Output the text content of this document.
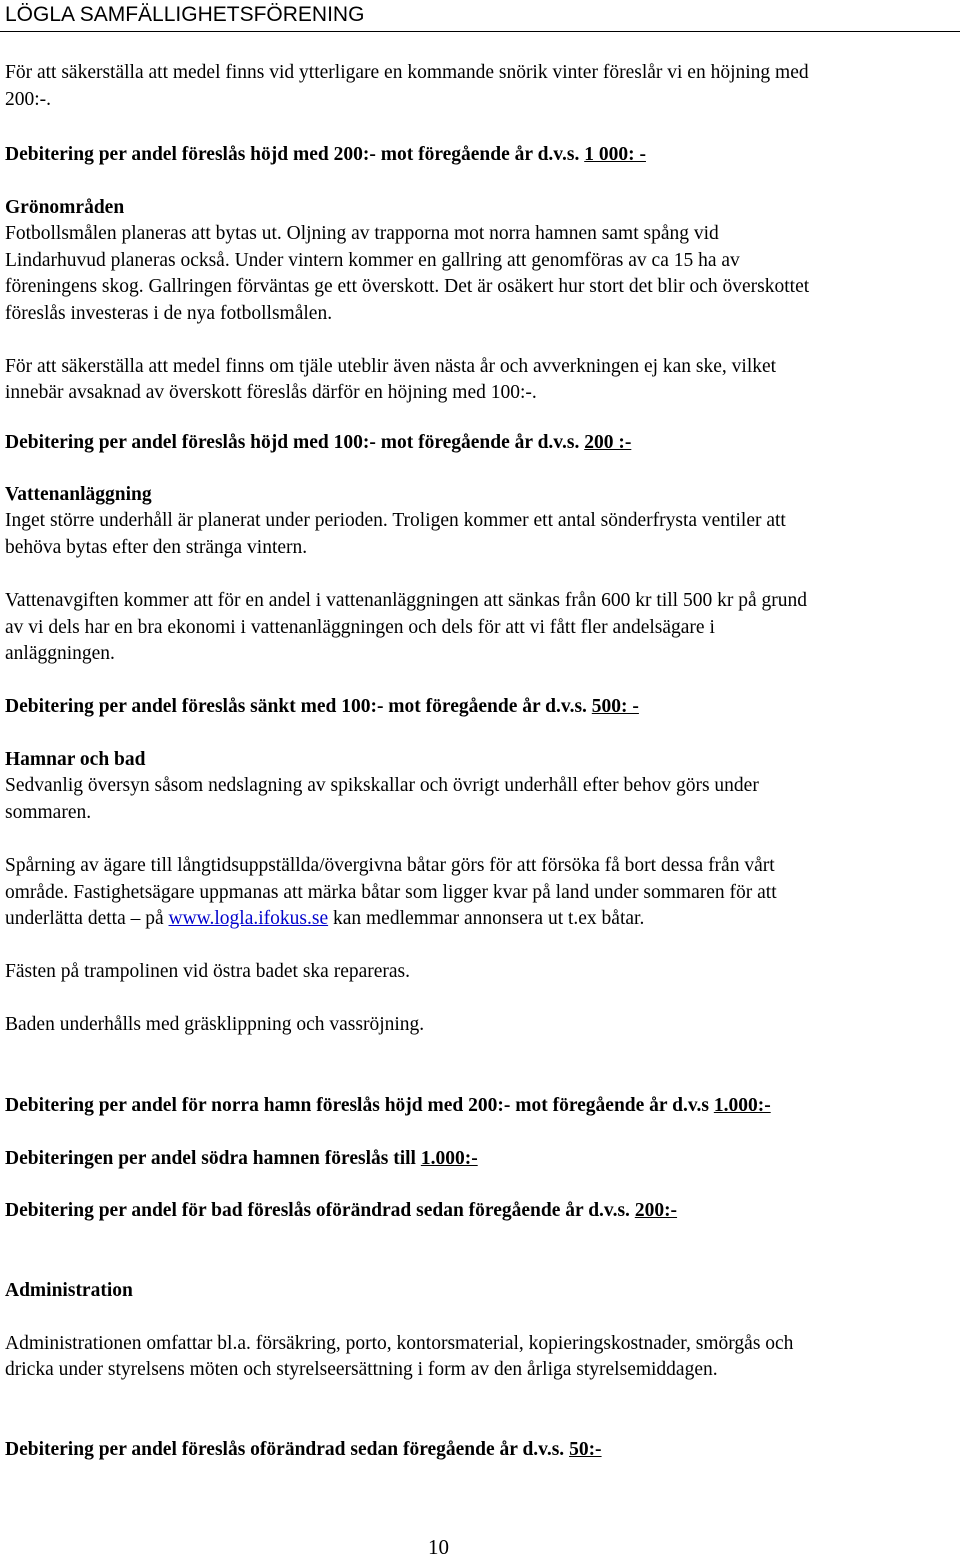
LÖGLA SAMFÄLLIGHETSFÖRENING
För att säkerställa att medel finns vid ytterligare en kommande snörik vinter föreslår vi en höjning med
200:-.
Debitering per andel föreslås höjd med 200:- mot föregående år d.v.s. 1 000: -
Grönområden
Fotbollsmålen planeras att bytas ut. Oljning av trapporna mot norra hamnen samt spång vid
Lindarhuvud planeras också. Under vintern kommer en gallring att genomföras av ca 15 ha av
föreningens skog. Gallringen förväntas ge ett överskott. Det är osäkert hur stort det blir och överskottet
föreslås investeras i de nya fotbollsmålen.
För att säkerställa att medel finns om tjäle uteblir även nästa år och avverkningen ej kan ske, vilket
innebär avsaknad av överskott föreslås därför en höjning med 100:-.
Debitering per andel föreslås höjd med 100:- mot föregående år d.v.s. 200 :-
Vattenanläggning
Inget större underhåll är planerat under perioden. Troligen kommer ett antal sönderfrysta ventiler att
behöva bytas efter den stränga vintern.
Vattenavgiften kommer att för en andel i vattenanläggningen att sänkas från 600 kr till 500 kr på grund
av vi dels har en bra ekonomi i vattenanläggningen och dels för att vi fått fler andelsägare i
anläggningen.
Debitering per andel föreslås sänkt med 100:- mot föregående år d.v.s. 500: -
Hamnar och bad
Sedvanlig översyn såsom nedslagning av spikskallar och övrigt underhåll efter behov görs under
sommaren.
Spårning av ägare till långtidsuppställda/övergivna båtar görs för att försöka få bort dessa från vårt
område. Fastighetsägare uppmanas att märka båtar som ligger kvar på land under sommaren för att
underlätta detta – på www.logla.ifokus.se kan medlemmar annonsera ut t.ex båtar.
Fästen på trampolinen vid östra badet ska repareras.
Baden underhålls med gräsklippning och vassröjning.
Debitering per andel för norra hamn föreslås höjd med 200:- mot föregående år d.v.s 1.000:-
Debiteringen per andel södra hamnen föreslås till 1.000:-
Debitering per andel för bad föreslås oförändrad sedan föregående år d.v.s. 200:-
Administration
Administrationen omfattar bl.a. försäkring, porto, kontorsmaterial, kopieringskostnader, smörgås och
dricka under styrelsens möten och styrelseersättning i form av den årliga styrelsemiddagen.
Debitering per andel föreslås oförändrad sedan föregående år d.v.s. 50:-
10
